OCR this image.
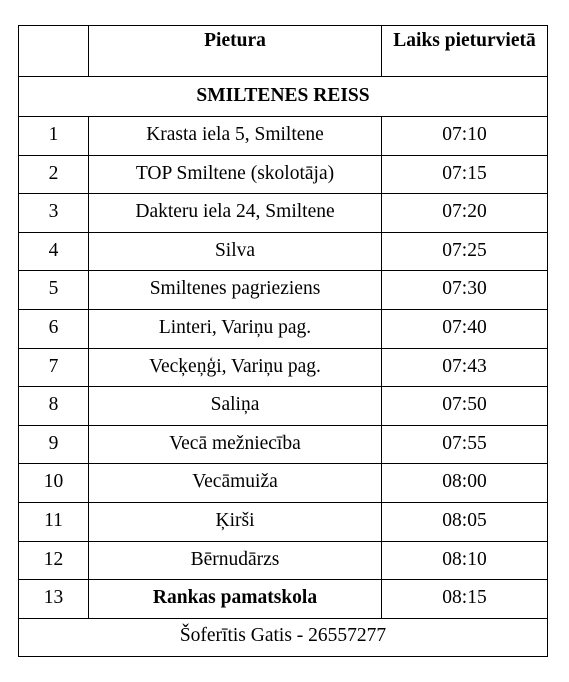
	Pietura	Laiks pieturvietā
SMILTENES REISS		
1	Krasta iela 5, Smiltene	07:10
2	TOP Smiltene (skolotāja)	07:15
3	Dakteru iela 24, Smiltene	07:20
4	Silva	07:25
5	Smiltenes pagrieziens	07:30
6	Linteri, Variņu pag.	07:40
7	Vecķeņģi, Variņu pag.	07:43
8	Saliņa	07:50
9	Vecā mežniecība	07:55
10	Vecāmuiža	08:00
11	Ķirši	08:05
12	Bērnudārzs	08:10
13	Rankas pamatskola	08:15
Šoferītis Gatis - 26557277		
